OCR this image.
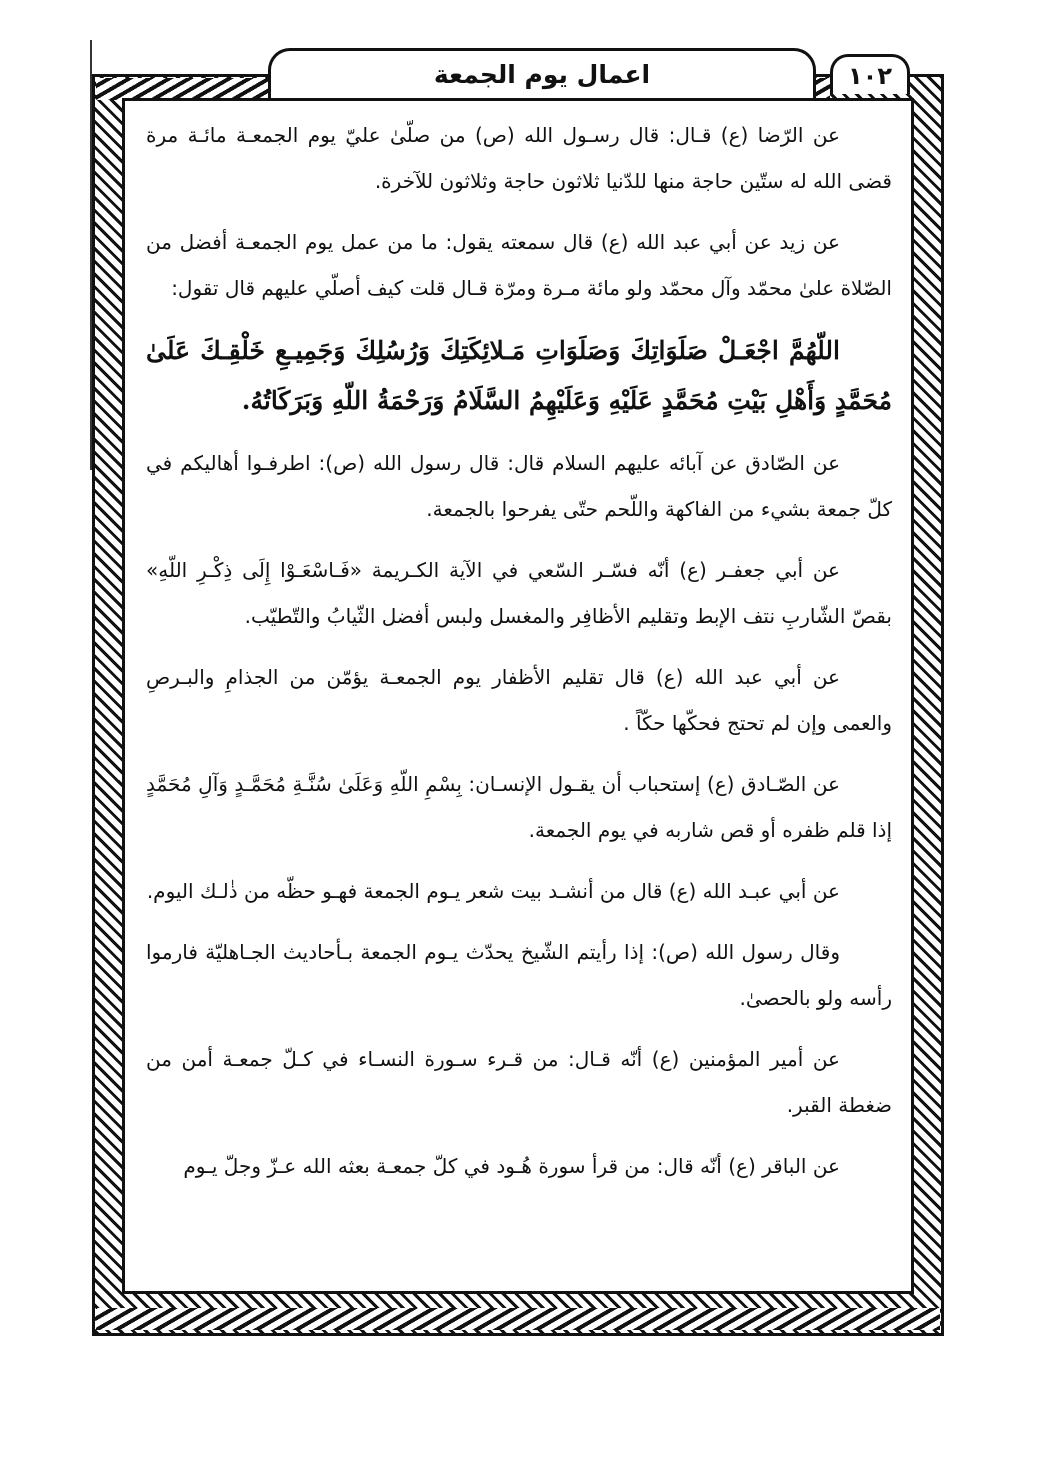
اعمال يوم الجمعة	١٠٢

عن الرّضا (ع) قـال: قال رسـول الله (ص) من صلّىٰ عليّ يوم الجمعـة مائـة مرة قضى الله له ستّين حاجة منها للدّنيا ثلاثون حاجة وثلاثون للآخرة.

عن زيد عن أبي عبد الله (ع) قال سمعته يقول: ما من عمل يوم الجمعـة أفضل من الصّلاة علىٰ محمّد وآل محمّد ولو مائة مـرة ومرّة قـال قلت كيف أصلّي عليهم قال تقول:

اللّهُمَّ اجْعَـلْ صَلَوَاتِكَ وَصَلَوَاتِ مَـلائِكَتِكَ وَرُسُلِكَ وَجَمِيـعِ خَلْقِـكَ عَلَىٰ مُحَمَّدٍ وَأَهْلِ بَيْتِ مُحَمَّدٍ عَلَيْهِ وَعَلَيْهِمُ السَّلَامُ وَرَحْمَةُ اللّهِ وَبَرَكَاتُهُ.

عن الصّادق عن آبائه عليهم السلام قال: قال رسول الله (ص): اطرفـوا أهاليكم في كلّ جمعة بشيء من الفاكهة واللّحم حتّى يفرحوا بالجمعة.

عن أبي جعفـر (ع) أنّه فسّـر السّعي في الآية الكـريمة «فَـاسْعَـوْا إِلَى ذِكْـرِ اللّهِ» بقصّ الشّاربِ نتف الإبط وتقليم الأظافِر والمغسل ولبس أفضل الثّيابُ والتّطيّب.

عن أبي عبد الله (ع) قال تقليم الأظفار يوم الجمعـة يؤمّن من الجذامِ والبـرصِ والعمى وإن لم تحتج فحكّها حكّاً .

عن الصّـادق (ع) إستحباب أن يقـول الإنسـان: بِسْمِ اللّهِ وَعَلَىٰ سُنَّـةِ مُحَمَّـدٍ وَآلِ مُحَمَّدٍ إذا قلم ظفره أو قص شاربه في يوم الجمعة.

عن أبي عبـد الله (ع) قال من أنشـد بيت شعر يـوم الجمعة فهـو حظّه من ذٰلـك اليوم.

وقال رسول الله (ص): إذا رأيتم الشّيخ يحدّث يـوم الجمعة بـأحاديث الجـاهليّة فارموا رأسه ولو بالحصىٰ.

عن أمير المؤمنين (ع) أنّه قـال: من قـرء سـورة النسـاء في كـلّ جمعـة أمن من ضغطة القبر.

عن الباقر (ع) أنّه قال: من قرأ سورة هُـود في كلّ جمعـة بعثه الله عـزّ وجلّ يـوم
